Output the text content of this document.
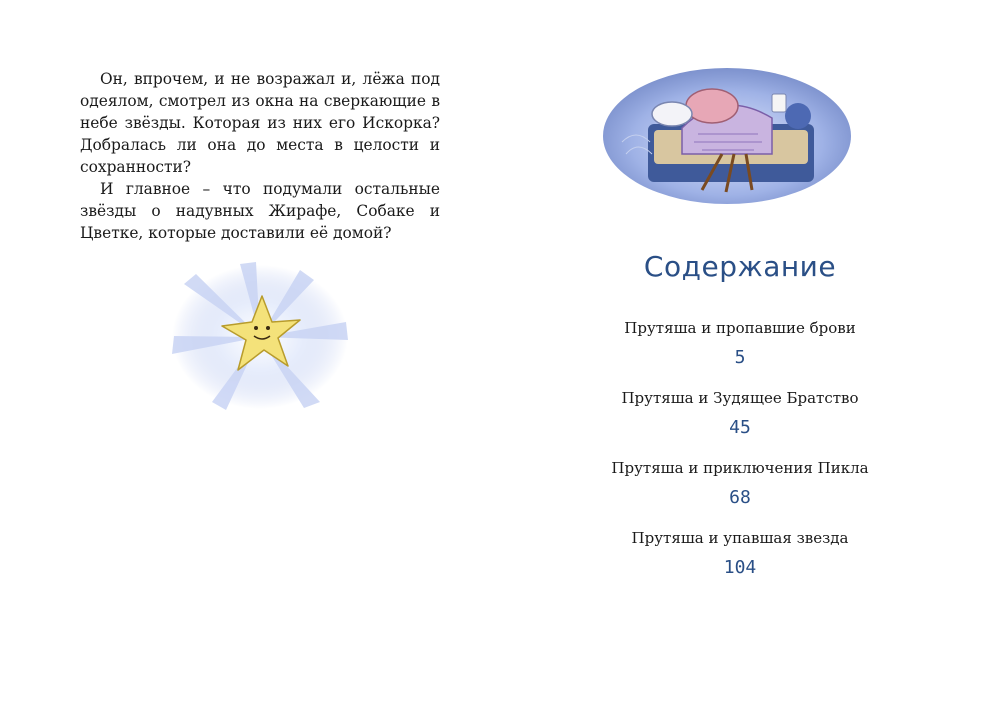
Он, впрочем, и не возражал и, лёжа под одеялом, смотрел из окна на сверкающие в небе звёзды. Которая из них его Искорка? Добралась ли она до места в целости и сохранности?

И главное – что подумали остальные звёзды о надувных Жирафе, Собаке и Цветке, которые доставили её домой?

Содержание
Прутяша и пропавшие брови
5
Прутяша и Зудящее Братство
45
Прутяша и приключения Пикла
68
Прутяша и упавшая звезда
104
